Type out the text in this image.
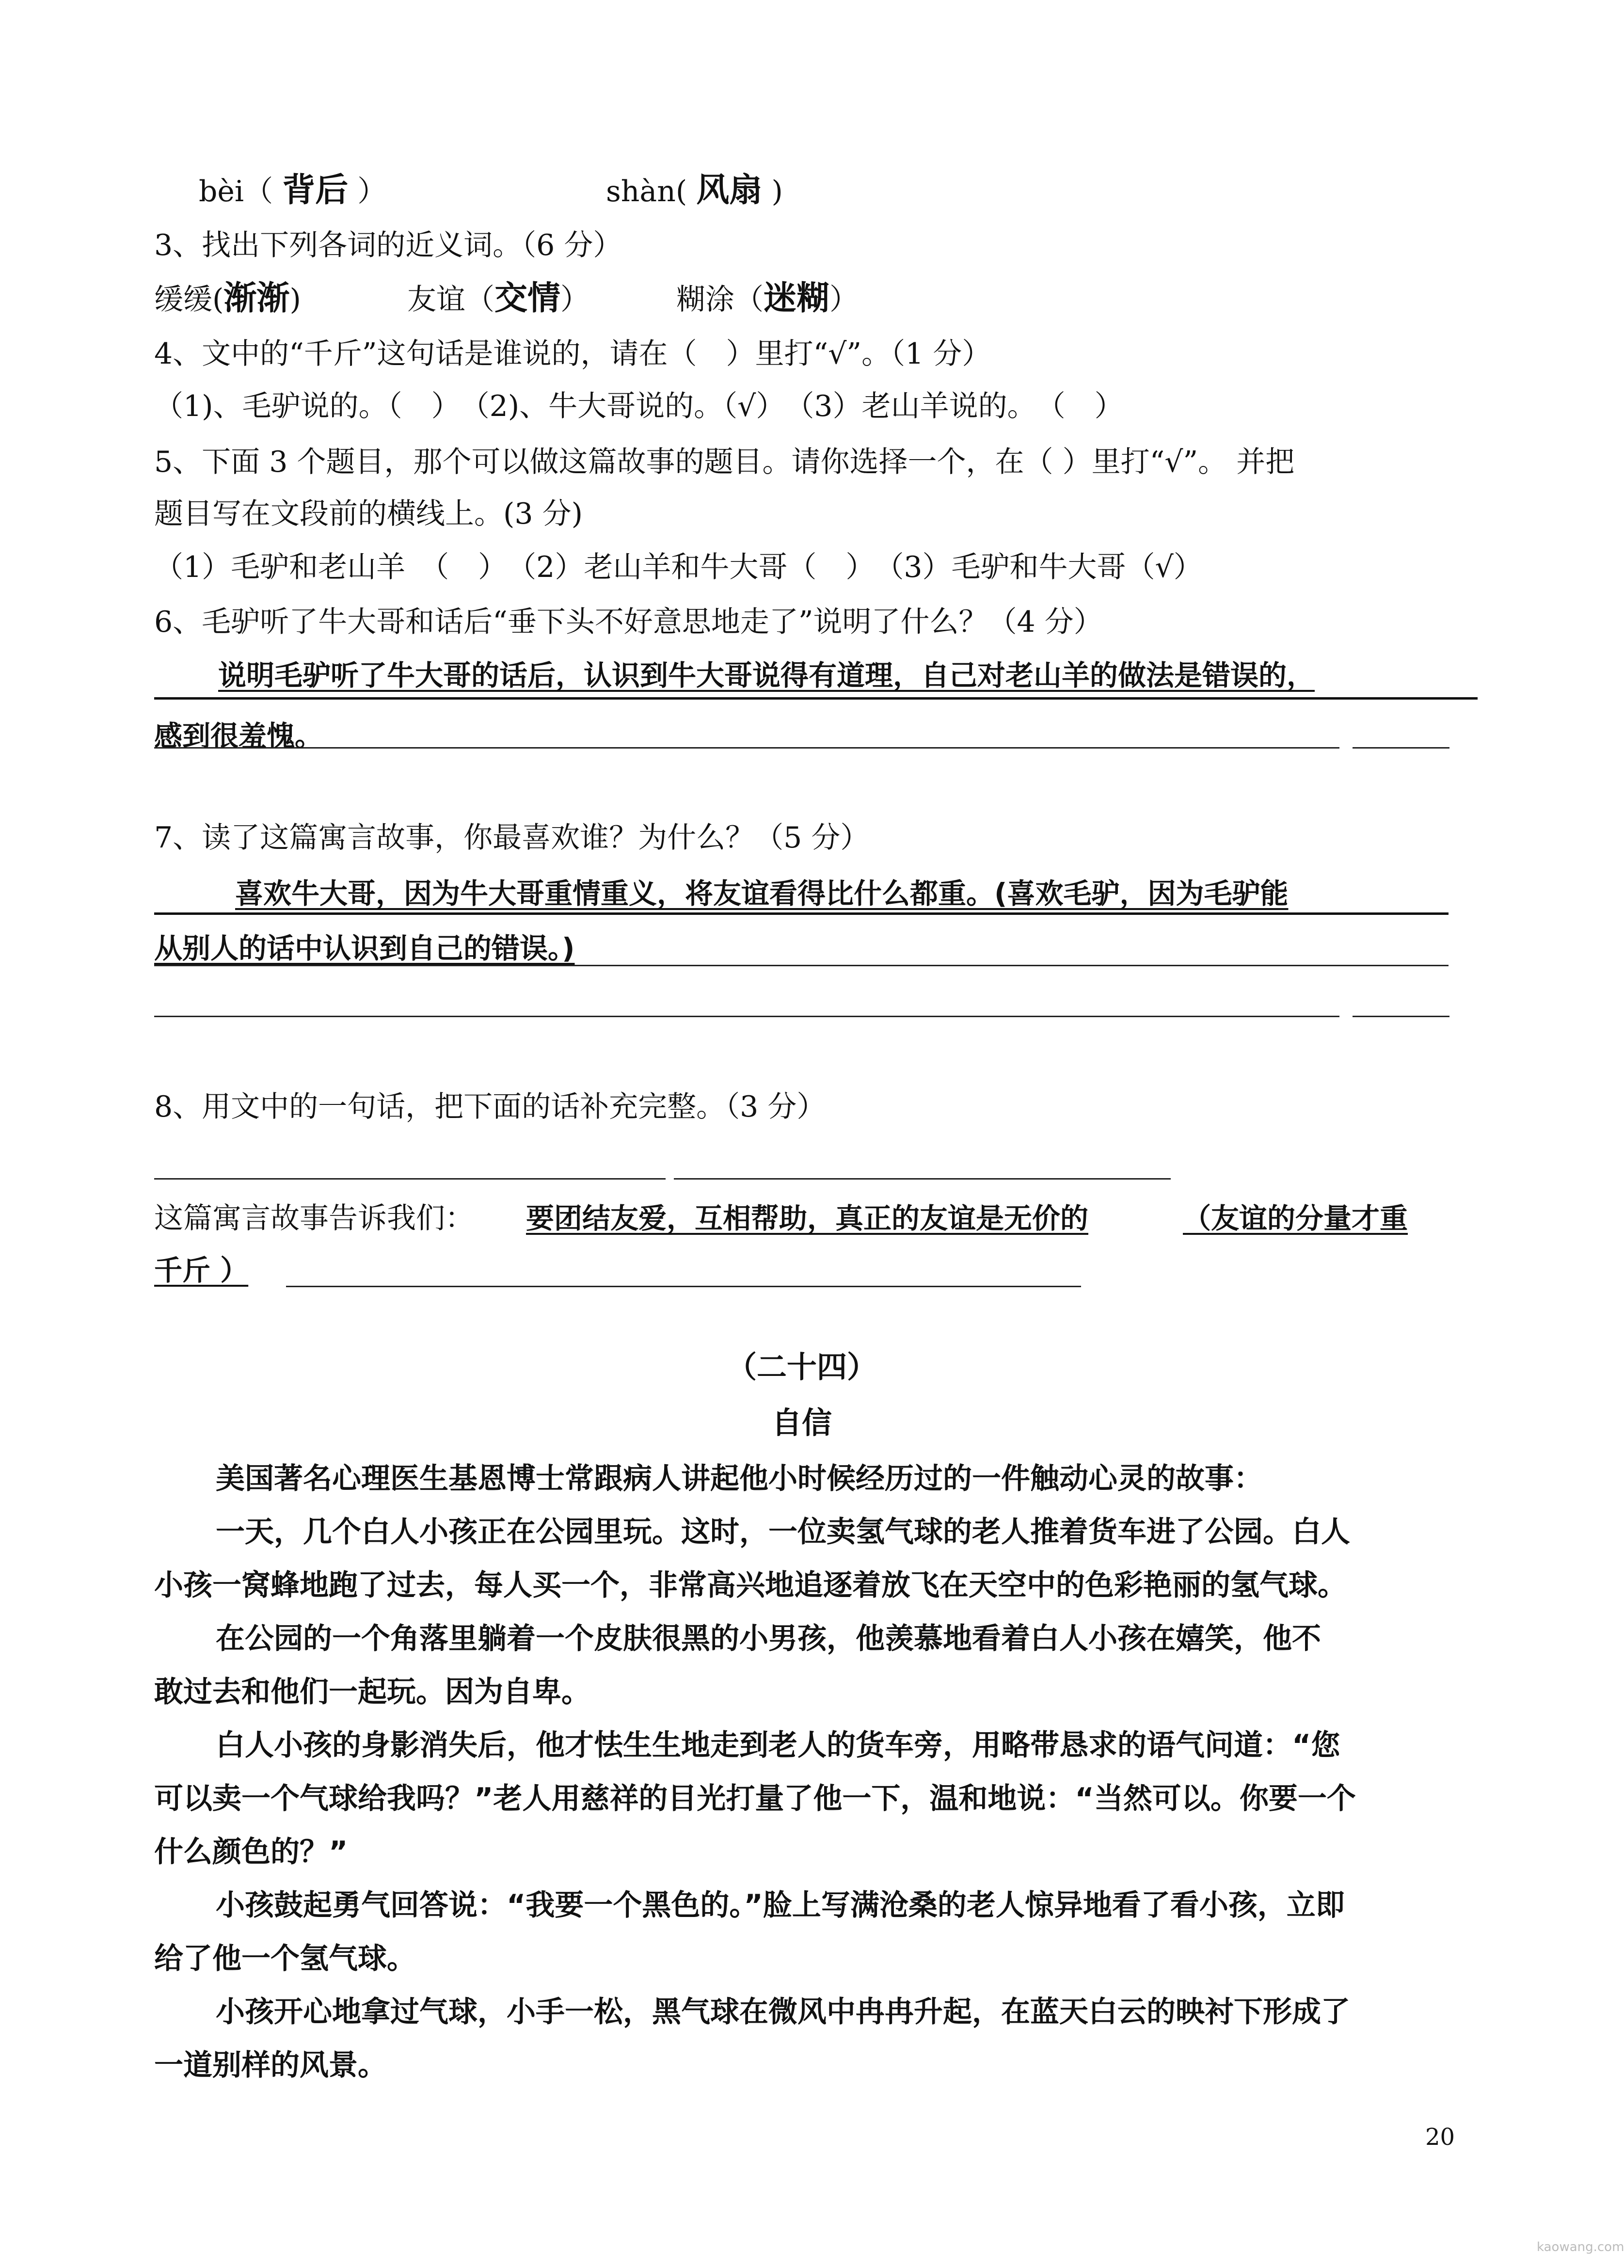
bèi（ 背后 ）	shàn( 风扇 )
3、找出下列各词的近义词。（6 分）
缓缓(渐渐)	友谊（交情）	糊涂（迷糊）
4、文中的“千斤”这句话是谁说的，请在（　）里打“√”。（1 分）
（1)、毛驴说的。（　）　（2)、牛大哥说的。（√）　（3）老山羊说的。　（　）
5、下面 3 个题目，那个可以做这篇故事的题目。请你选择一个，在（ ）里打“√”。 并把
题目写在文段前的横线上。(3 分)
（1）毛驴和老山羊　（　）　（2）老山羊和牛大哥（　）　（3）毛驴和牛大哥（√）
6、毛驴听了牛大哥和话后“垂下头不好意思地走了”说明了什么？（4 分）
说明毛驴听了牛大哥的话后，认识到牛大哥说得有道理，自己对老山羊的做法是错误的，
感到很羞愧。
7、读了这篇寓言故事，你最喜欢谁？为什么？（5 分）
喜欢牛大哥，因为牛大哥重情重义，将友谊看得比什么都重。(喜欢毛驴，因为毛驴能
从别人的话中认识到自己的错误。)
8、用文中的一句话，把下面的话补充完整。（3 分）
这篇寓言故事告诉我们： 要团结友爱，互相帮助，真正的友谊是无价的	（友谊的分量才重
千斤 ）
（二十四）
自信
美国著名心理医生基恩博士常跟病人讲起他小时候经历过的一件触动心灵的故事：
一天，几个白人小孩正在公园里玩。这时，一位卖氢气球的老人推着货车进了公园。白人
小孩一窝蜂地跑了过去，每人买一个，非常高兴地追逐着放飞在天空中的色彩艳丽的氢气球。
在公园的一个角落里躺着一个皮肤很黑的小男孩，他羡慕地看着白人小孩在嬉笑，他不
敢过去和他们一起玩。因为自卑。
白人小孩的身影消失后，他才怯生生地走到老人的货车旁，用略带恳求的语气问道：“您
可以卖一个气球给我吗？”老人用慈祥的目光打量了他一下，温和地说：“当然可以。你要一个
什么颜色的？”
小孩鼓起勇气回答说：“我要一个黑色的。”脸上写满沧桑的老人惊异地看了看小孩，立即
给了他一个氢气球。
小孩开心地拿过气球，小手一松，黑气球在微风中冉冉升起，在蓝天白云的映衬下形成了
一道别样的风景。
20
kaowang.com
